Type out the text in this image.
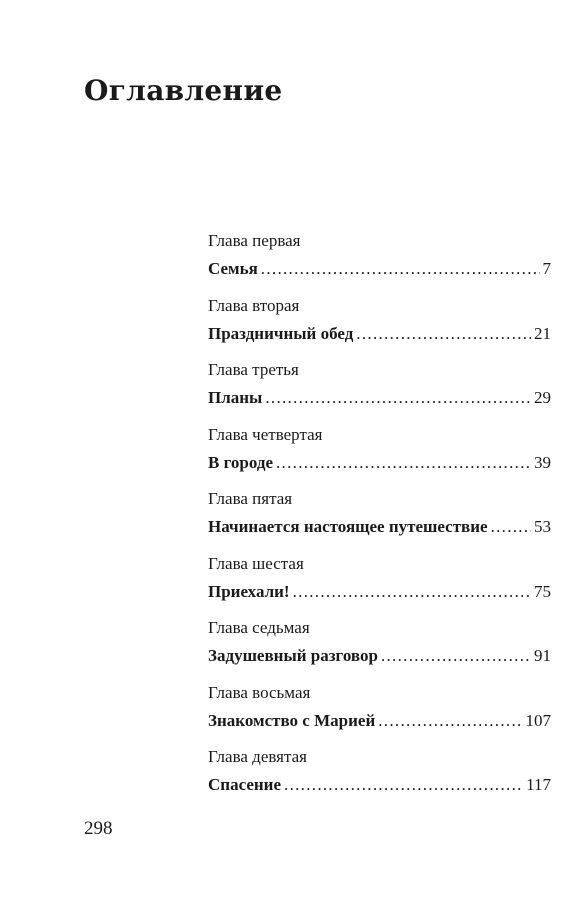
Оглавление
Глава первая
Семья .....	7
Глава вторая
Праздничный обед .....	21
Глава третья
Планы .....	29
Глава четвертая
В городе .....	39
Глава пятая
Начинается настоящее путешествие .....	53
Глава шестая
Приехали! .....	75
Глава седьмая
Задушевный разговор .....	91
Глава восьмая
Знакомство с Марией .....	107
Глава девятая
Спасение .....	117
298
